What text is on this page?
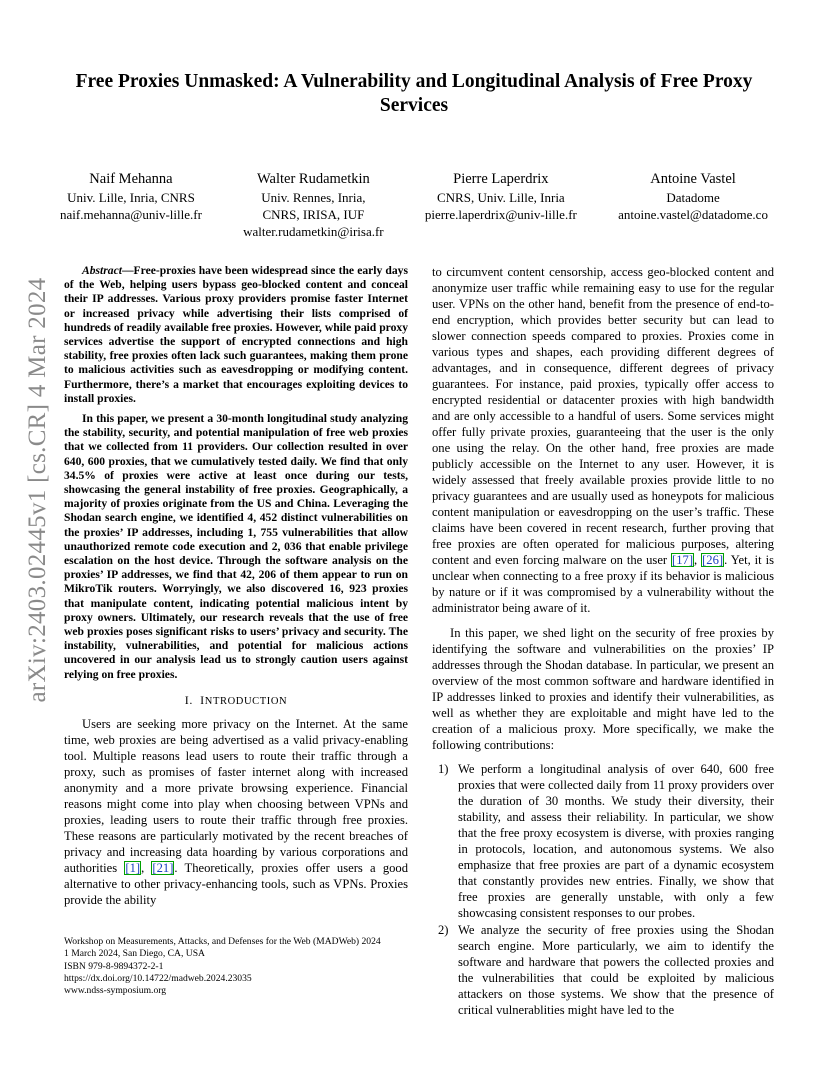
arXiv:2403.02445v1 [cs.CR] 4 Mar 2024
Free Proxies Unmasked: A Vulnerability and Longitudinal Analysis of Free Proxy Services
Naif Mehanna
Univ. Lille, Inria, CNRS
naif.mehanna@univ-lille.fr
Walter Rudametkin
Univ. Rennes, Inria,
CNRS, IRISA, IUF
walter.rudametkin@irisa.fr
Pierre Laperdrix
CNRS, Univ. Lille, Inria
pierre.laperdrix@univ-lille.fr
Antoine Vastel
Datadome
antoine.vastel@datadome.co

Abstract—Free-proxies have been widespread since the early days of the Web, helping users bypass geo-blocked content and conceal their IP addresses. Various proxy providers promise faster Internet or increased privacy while advertising their lists comprised of hundreds of readily available free proxies. However, while paid proxy services advertise the support of encrypted connections and high stability, free proxies often lack such guarantees, making them prone to malicious activities such as eavesdropping or modifying content. Furthermore, there’s a market that encourages exploiting devices to install proxies.

In this paper, we present a 30-month longitudinal study analyzing the stability, security, and potential manipulation of free web proxies that we collected from 11 providers. Our collection resulted in over 640, 600 proxies, that we cumulatively tested daily. We find that only 34.5% of proxies were active at least once during our tests, showcasing the general instability of free proxies. Geographically, a majority of proxies originate from the US and China. Leveraging the Shodan search engine, we identified 4, 452 distinct vulnerabilities on the proxies’ IP addresses, including 1, 755 vulnerabilities that allow unauthorized remote code execution and 2, 036 that enable privilege escalation on the host device. Through the software analysis on the proxies’ IP addresses, we find that 42, 206 of them appear to run on MikroTik routers. Worryingly, we also discovered 16, 923 proxies that manipulate content, indicating potential malicious intent by proxy owners. Ultimately, our research reveals that the use of free web proxies poses significant risks to users’ privacy and security. The instability, vulnerabilities, and potential for malicious actions uncovered in our analysis lead us to strongly caution users against relying on free proxies.

I. INTRODUCTION

Users are seeking more privacy on the Internet. At the same time, web proxies are being advertised as a valid privacy-enabling tool. Multiple reasons lead users to route their traffic through a proxy, such as promises of faster internet along with increased anonymity and a more private browsing experience. Financial reasons might come into play when choosing between VPNs and proxies, leading users to route their traffic through free proxies. These reasons are particularly motivated by the recent breaches of privacy and increasing data hoarding by various corporations and authorities [1], [21]. Theoretically, proxies offer users a good alternative to other privacy-enhancing tools, such as VPNs. Proxies provide the ability

to circumvent content censorship, access geo-blocked content and anonymize user traffic while remaining easy to use for the regular user. VPNs on the other hand, benefit from the presence of end-to-end encryption, which provides better security but can lead to slower connection speeds compared to proxies. Proxies come in various types and shapes, each providing different degrees of advantages, and in consequence, different degrees of privacy guarantees. For instance, paid proxies, typically offer access to encrypted residential or datacenter proxies with high bandwidth and are only accessible to a handful of users. Some services might offer fully private proxies, guaranteeing that the user is the only one using the relay. On the other hand, free proxies are made publicly accessible on the Internet to any user. However, it is widely assessed that freely available proxies provide little to no privacy guarantees and are usually used as honeypots for malicious content manipulation or eavesdropping on the user’s traffic. These claims have been covered in recent research, further proving that free proxies are often operated for malicious purposes, altering content and even forcing malware on the user [17], [26]. Yet, it is unclear when connecting to a free proxy if its behavior is malicious by nature or if it was compromised by a vulnerability without the administrator being aware of it.

In this paper, we shed light on the security of free proxies by identifying the software and vulnerabilities on the proxies’ IP addresses through the Shodan database. In particular, we present an overview of the most common software and hardware identified in IP addresses linked to proxies and identify their vulnerabilities, as well as whether they are exploitable and might have led to the creation of a malicious proxy. More specifically, we make the following contributions:

1) We perform a longitudinal analysis of over 640, 600 free proxies that were collected daily from 11 proxy providers over the duration of 30 months. We study their diversity, their stability, and assess their reliability. In particular, we show that the free proxy ecosystem is diverse, with proxies ranging in protocols, location, and autonomous systems. We also emphasize that free proxies are part of a dynamic ecosystem that constantly provides new entries. Finally, we show that free proxies are generally unstable, with only a few showcasing consistent responses to our probes.
2) We analyze the security of free proxies using the Shodan search engine. More particularly, we aim to identify the software and hardware that powers the collected proxies and the vulnerabilities that could be exploited by malicious attackers on those systems. We show that the presence of critical vulnerablities might have led to the
Workshop on Measurements, Attacks, and Defenses for the Web (MADWeb) 2024
1 March 2024, San Diego, CA, USA
ISBN 979-8-9894372-2-1
https://dx.doi.org/10.14722/madweb.2024.23035
www.ndss-symposium.org
